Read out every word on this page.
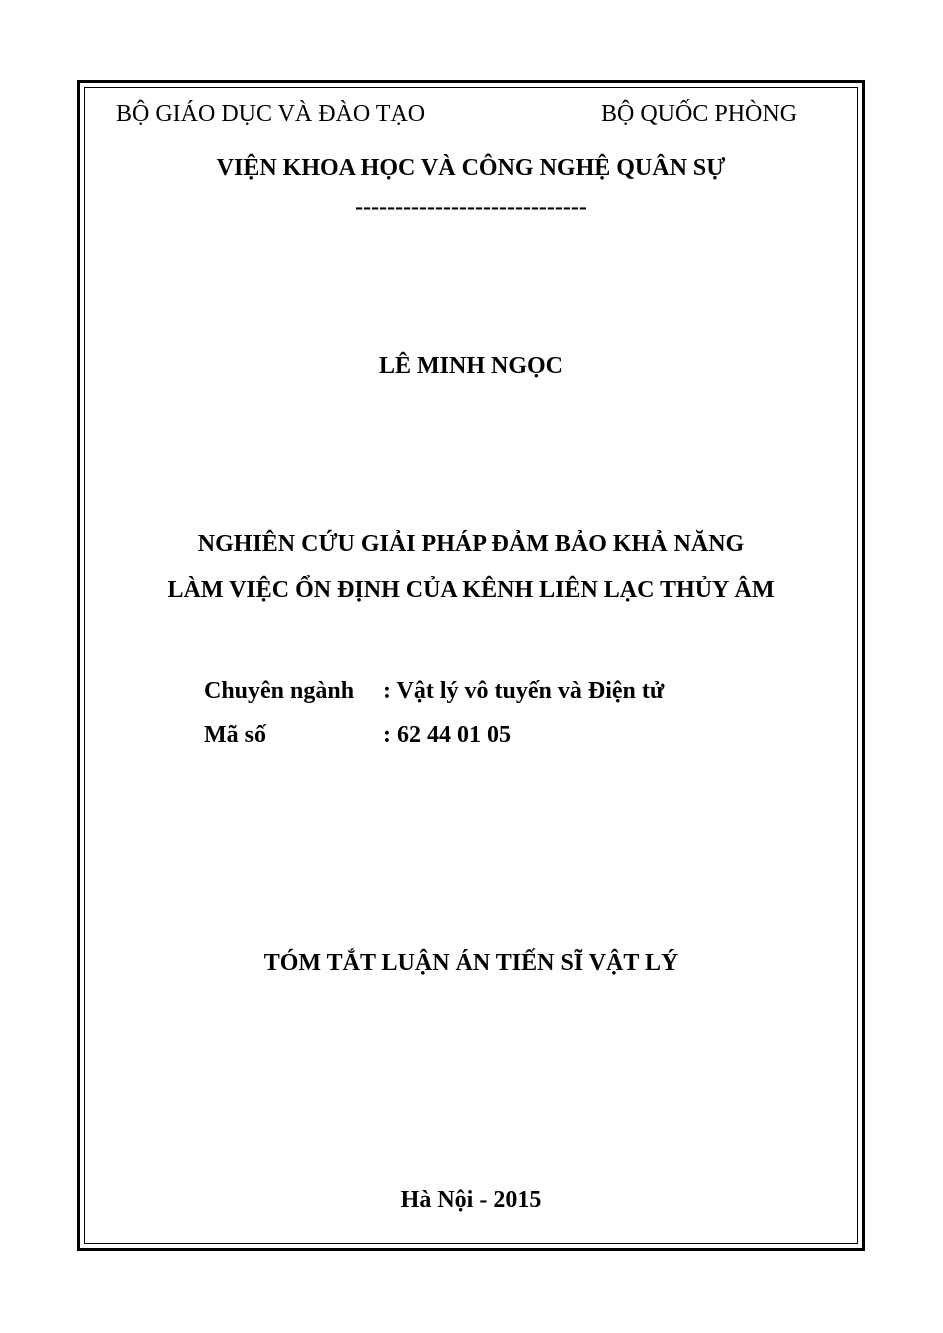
BỘ GIÁO DỤC VÀ ĐÀO TẠO	BỘ QUỐC PHÒNG
VIỆN KHOA HỌC VÀ CÔNG NGHỆ QUÂN SỰ
-----------------------------
LÊ MINH NGỌC
NGHIÊN CỨU GIẢI PHÁP ĐẢM BẢO KHẢ NĂNG
LÀM VIỆC ỔN ĐỊNH CỦA KÊNH LIÊN LẠC THỦY ÂM
Chuyên ngành : Vật lý vô tuyến và Điện tử
Mã số	: 62 44 01 05
TÓM TẮT LUẬN ÁN TIẾN SĨ VẬT LÝ
Hà Nội - 2015
